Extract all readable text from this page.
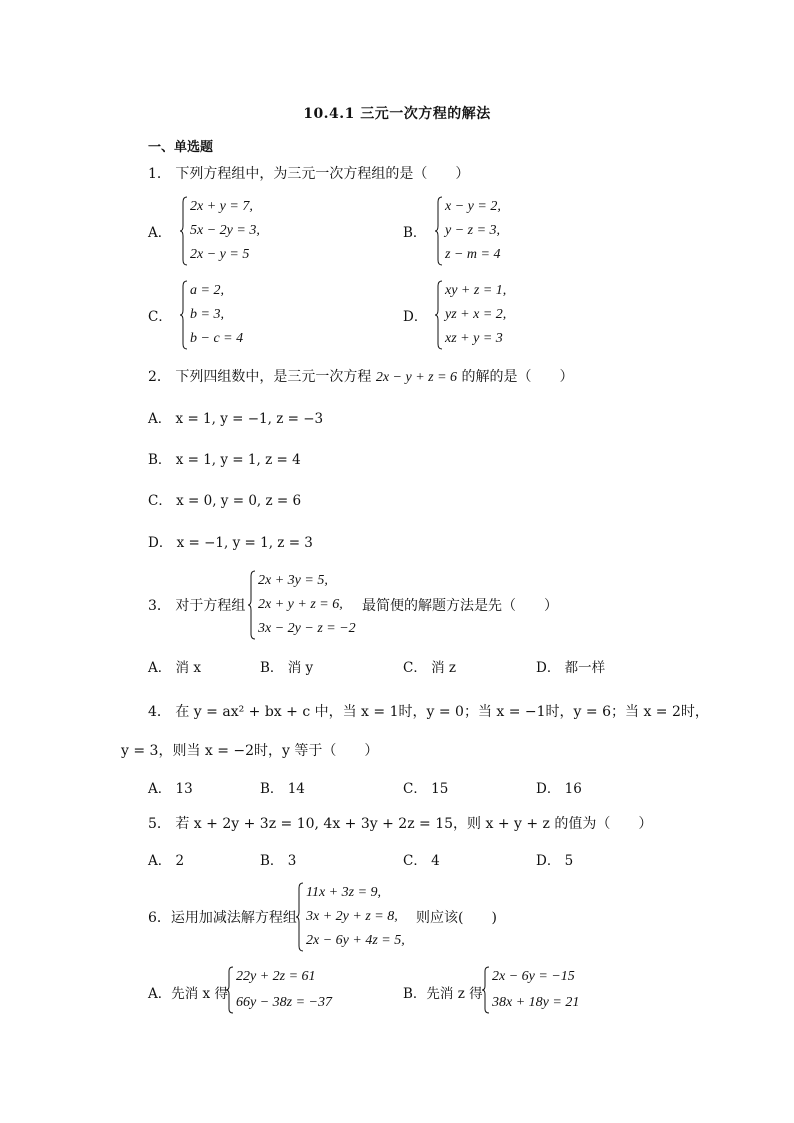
10.4.1 三元一次方程的解法
一、单选题
1． 下列方程组中，为三元一次方程组的是（　　）
A．
2x + y = 7,
5x − 2y = 3,
2x − y = 5
B．
x − y = 2,
y − z = 3,
z − m = 4
C．
a = 2,
b = 3,
b − c = 4
D．
xy + z = 1,
yz + x = 2,
xz + y = 3
2． 下列四组数中，是三元一次方程 2x − y + z = 6 的解的是（　　）
A． x = 1, y = −1, z = −3
B． x = 1, y = 1, z = 4
C． x = 0, y = 0, z = 6
D． x = −1, y = 1, z = 3
3． 对于方程组
2x + 3y = 5,
2x + y + z = 6,
3x − 2y − z = −2
最简便的解题方法是先（　　）
A． 消 x	B． 消 y	C． 消 z	D． 都一样
4． 在 y = ax² + bx + c 中，当 x = 1时，y = 0；当 x = −1时，y = 6；当 x = 2时，
y = 3，则当 x = −2时，y 等于（　　）
A． 13	B． 14	C． 15	D． 16
5． 若 x + 2y + 3z = 10, 4x + 3y + 2z = 15，则 x + y + z 的值为（　　）
A． 2	B． 3	C． 4	D． 5
6．运用加减法解方程组
11x + 3z = 9,
3x + 2y + z = 8,
2x − 6y + 4z = 5,
则应该(　　)
A．先消 x 得
22y + 2z = 61
66y − 38z = −37
B．先消 z 得
2x − 6y = −15
38x + 18y = 21
